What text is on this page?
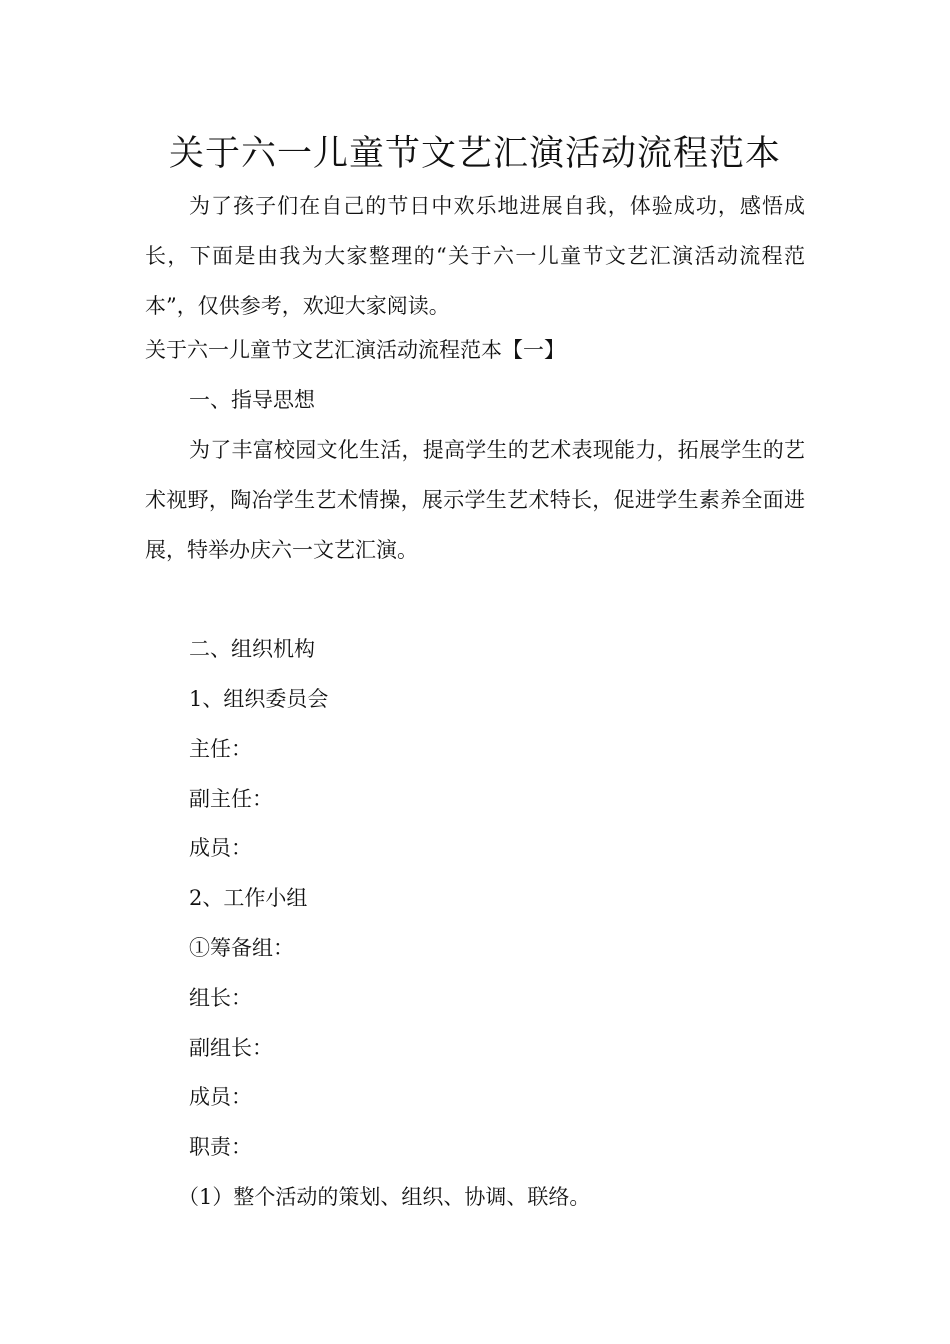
关于六一儿童节文艺汇演活动流程范本

为了孩子们在自己的节日中欢乐地进展自我，体验成功，感悟成长，下面是由我为大家整理的“关于六一儿童节文艺汇演活动流程范本”，仅供参考，欢迎大家阅读。

关于六一儿童节文艺汇演活动流程范本【一】

一、指导思想

为了丰富校园文化生活，提高学生的艺术表现能力，拓展学生的艺术视野，陶冶学生艺术情操，展示学生艺术特长，促进学生素养全面进展，特举办庆六一文艺汇演。

二、组织机构

1、组织委员会

主任：

副主任：

成员：

2、工作小组

①筹备组：

组长：

副组长：

成员：

职责：

（1）整个活动的策划、组织、协调、联络。
